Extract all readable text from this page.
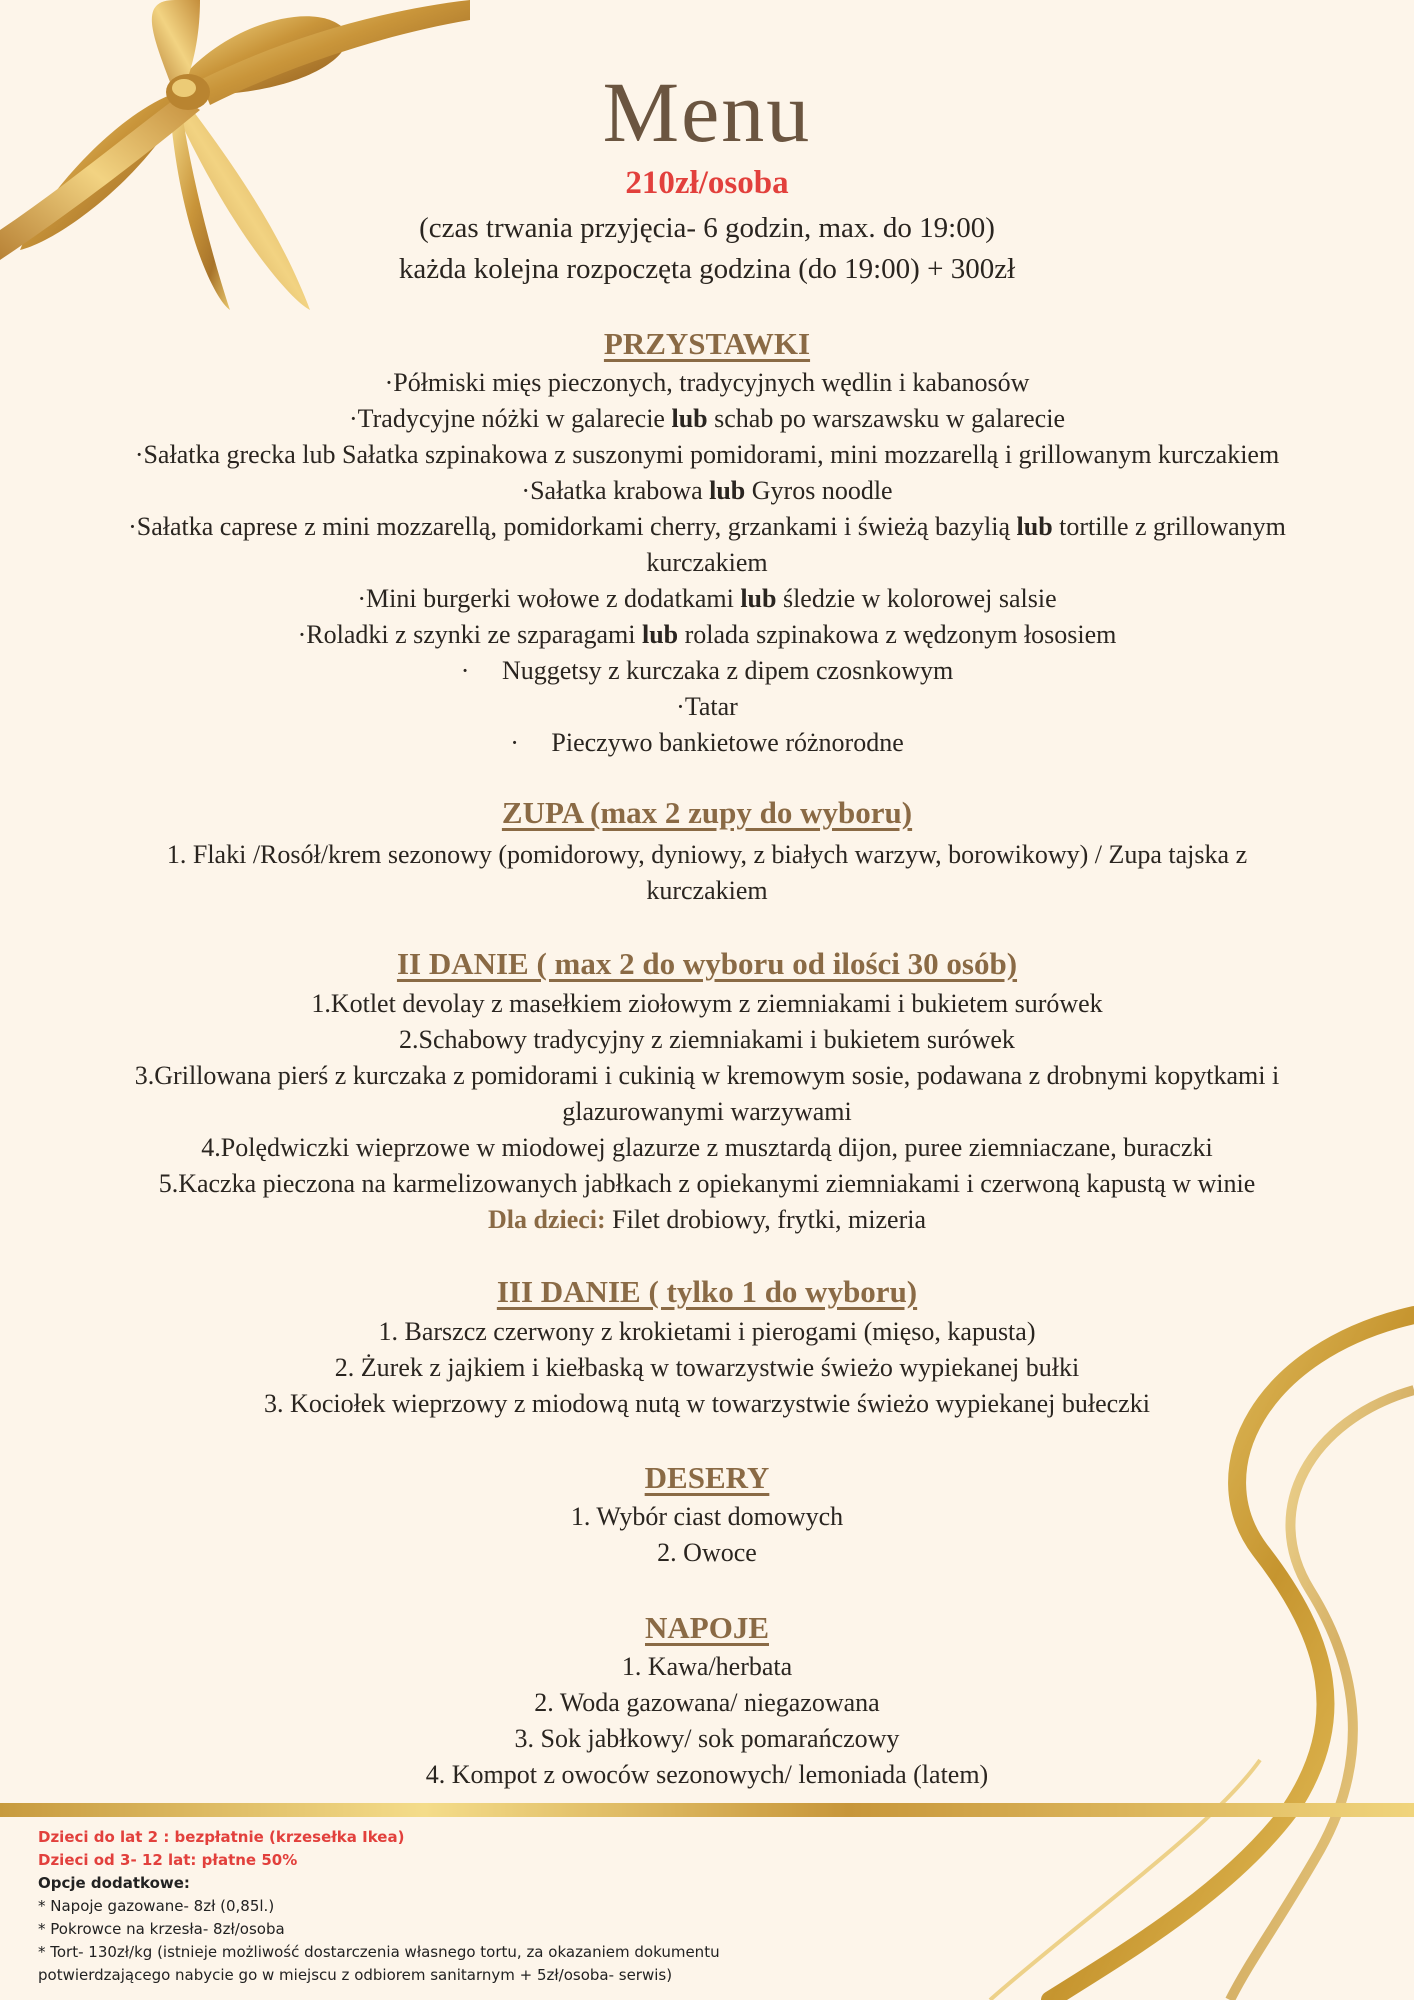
Menu
210zł/osoba
(czas trwania przyjęcia- 6 godzin, max. do 19:00)
każda kolejna rozpoczęta godzina (do 19:00) + 300zł
PRZYSTAWKI
·Półmiski mięs pieczonych, tradycyjnych wędlin i kabanosów
·Tradycyjne nóżki w galarecie lub schab po warszawsku w galarecie
·Sałatka grecka lub Sałatka szpinakowa z suszonymi pomidorami, mini mozzarellą i grillowanym kurczakiem
·Sałatka krabowa lub Gyros noodle
·Sałatka caprese z mini mozzarellą, pomidorkami cherry, grzankami i świeżą bazylią lub tortille z grillowanym
kurczakiem
·Mini burgerki wołowe z dodatkami lub śledzie w kolorowej salsie
·Roladki z szynki ze szparagami lub rolada szpinakowa z wędzonym łososiem
·     Nuggetsy z kurczaka z dipem czosnkowym
·Tatar
·     Pieczywo bankietowe różnorodne
ZUPA (max 2 zupy do wyboru)
1. Flaki /Rosół/krem sezonowy (pomidorowy, dyniowy, z białych warzyw, borowikowy) / Zupa tajska z
kurczakiem
II DANIE ( max 2 do wyboru od ilości 30 osób)
1.Kotlet devolay z masełkiem ziołowym z ziemniakami i bukietem surówek
2.Schabowy tradycyjny z ziemniakami i bukietem surówek
3.Grillowana pierś z kurczaka z pomidorami i cukinią w kremowym sosie, podawana z drobnymi kopytkami i
glazurowanymi warzywami
4.Polędwiczki wieprzowe w miodowej glazurze z musztardą dijon, puree ziemniaczane, buraczki
5.Kaczka pieczona na karmelizowanych jabłkach z opiekanymi ziemniakami i czerwoną kapustą w winie
Dla dzieci: Filet drobiowy, frytki, mizeria
III DANIE ( tylko 1 do wyboru)
1. Barszcz czerwony z krokietami i pierogami (mięso, kapusta)
2. Żurek z jajkiem i kiełbaską w towarzystwie świeżo wypiekanej bułki
3. Kociołek wieprzowy z miodową nutą w towarzystwie świeżo wypiekanej bułeczki
DESERY
1. Wybór ciast domowych
2. Owoce
NAPOJE
1. Kawa/herbata
2. Woda gazowana/ niegazowana
3. Sok jabłkowy/ sok pomarańczowy
4. Kompot z owoców sezonowych/ lemoniada (latem)
Dzieci do lat 2 : bezpłatnie (krzesełka Ikea)
Dzieci od 3- 12 lat: płatne 50%
Opcje dodatkowe:
* Napoje gazowane- 8zł (0,85l.)
* Pokrowce na krzesła- 8zł/osoba
* Tort- 130zł/kg (istnieje możliwość dostarczenia własnego tortu, za okazaniem dokumentu
potwierdzającego nabycie go w miejscu z odbiorem sanitarnym + 5zł/osoba- serwis)
